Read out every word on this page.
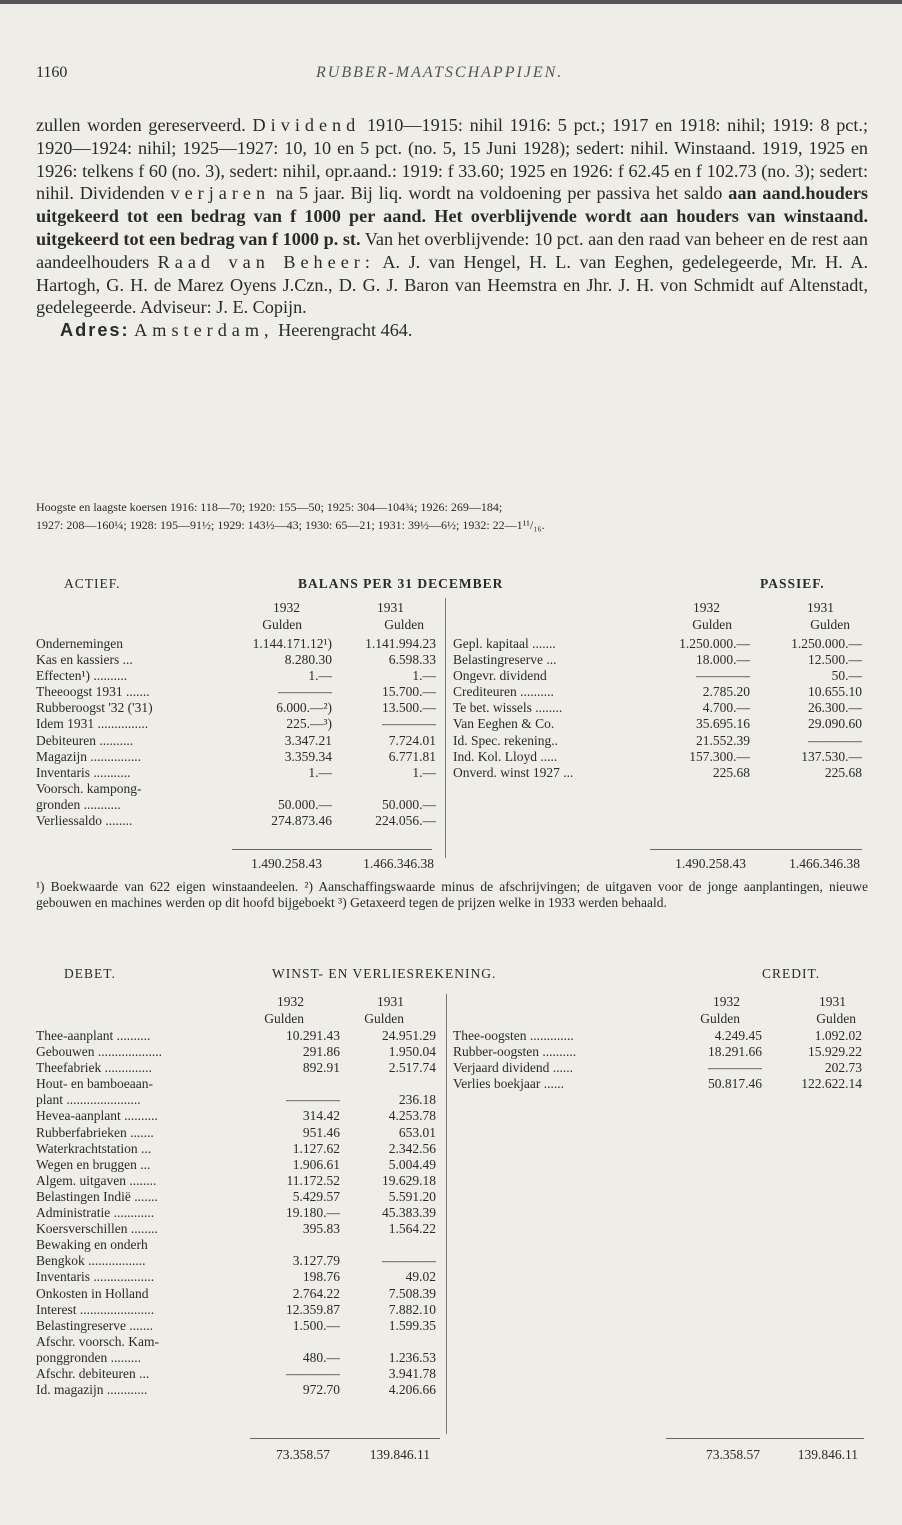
1160	RUBBER-MAATSCHAPPIJEN.

zullen worden gereserveerd. Dividend 1910—1915: nihil 1916: 5 pct.; 1917 en 1918: nihil; 1919: 8 pct.; 1920—1924: nihil; 1925—1927: 10, 10 en 5 pct. (no. 5, 15 Juni 1928); sedert: nihil. Winstaand. 1919, 1925 en 1926: telkens f 60 (no. 3), sedert: nihil, opr.aand.: 1919: f 33.60; 1925 en 1926: f 62.45 en f 102.73 (no. 3); sedert: nihil. Dividenden verjaren na 5 jaar. Bij liq. wordt na voldoening per passiva het saldo aan aand.houders uitgekeerd tot een bedrag van f 1000 per aand. Het overblijvende wordt aan houders van winstaand. uitgekeerd tot een bedrag van f 1000 p. st. Van het overblijvende: 10 pct. aan den raad van beheer en de rest aan aandeelhouders Raad van Beheer: A. J. van Hengel, H. L. van Eeghen, gedelegeerde, Mr. H. A. Hartogh, G. H. de Marez Oyens J.Czn., D. G. J. Baron van Heemstra en Jhr. J. H. von Schmidt auf Altenstadt, gedelegeerde. Adviseur: J. E. Copijn.

Adres: Amsterdam, Heerengracht 464.

Hoogste en laagste koersen 1916: 118—70; 1920: 155—50; 1925: 304—104¾; 1926: 269—184;

1927: 208—160¼; 1928: 195—91½; 1929: 143½—43; 1930: 65—21; 1931: 39½—6½; 1932: 22—1¹¹/₁₆.

ACTIEF.	BALANS PER 31 DECEMBER	PASSIEF.
1932	1931
Gulden	Gulden
1932	1931
Gulden	Gulden
Ondernemingen	1.144.171.12¹) 1.141.994.23
Kas en kassiers ...	8.280.30	6.598.33
Effecten¹) ..........	1.—	1.—
Theeoogst 1931 .......	————	15.700.—
Rubberoogst '32 ('31)	6.000.—²)	13.500.—
Idem 1931 ...............	225.—³)	————
Debiteuren ..........	3.347.21	7.724.01
Magazijn ...............	3.359.34	6.771.81
Inventaris ...........	1.—	1.—
Voorsch. kampong-
gronden ...........	50.000.—	50.000.—
Verliessaldo ........	274.873.46	224.056.—
Gepl. kapitaal .......	1.250.000.—	1.250.000.—
Belastingreserve ...	18.000.—	12.500.—
Ongevr. dividend	————	50.—
Crediteuren ..........	2.785.20	10.655.10
Te bet. wissels ........	4.700.—	26.300.—
Van Eeghen & Co.	35.695.16	29.090.60
Id. Spec. rekening..	21.552.39	————
Ind. Kol. Lloyd .....	157.300.—	137.530.—
Onverd. winst 1927 ...	225.68	225.68
1.490.258.43	1.466.346.38	1.490.258.43	1.466.346.38

¹) Boekwaarde van 622 eigen winstaandeelen. ²) Aanschaffingswaarde minus de afschrijvingen; de uitgaven voor de jonge aanplantingen, nieuwe gebouwen en machines werden op dit hoofd bijgeboekt ³) Getaxeerd tegen de prijzen welke in 1933 werden behaald.

DEBET.	WINST- EN VERLIESREKENING.	CREDIT.
1932	1931
Gulden	Gulden
1932	1931
Gulden	Gulden
Thee-aanplant ..........	10.291.43	24.951.29
Gebouwen ...................	291.86	1.950.04
Theefabriek ..............	892.91	2.517.74
Hout- en bamboeaan-
plant ......................	————	236.18
Hevea-aanplant ..........	314.42	4.253.78
Rubberfabrieken .......	951.46	653.01
Waterkrachtstation ...	1.127.62	2.342.56
Wegen en bruggen ...	1.906.61	5.004.49
Algem. uitgaven ........	11.172.52	19.629.18
Belastingen Indië .......	5.429.57	5.591.20
Administratie ............	19.180.—	45.383.39
Koersverschillen ........	395.83	1.564.22
Bewaking en onderh
Bengkok .................	3.127.79	————
Inventaris ..................	198.76	49.02
Onkosten in Holland	2.764.22	7.508.39
Interest ......................	12.359.87	7.882.10
Belastingreserve .......	1.500.—	1.599.35
Afschr. voorsch. Kam-
ponggronden .........	480.—	1.236.53
Afschr. debiteuren ...	————	3.941.78
Id. magazijn ............	972.70	4.206.66
Thee-oogsten .............	4.249.45	1.092.02
Rubber-oogsten ..........	18.291.66	15.929.22
Verjaard dividend ......	————	202.73
Verlies boekjaar ......	50.817.46	122.622.14
73.358.57	139.846.11	73.358.57	139.846.11
